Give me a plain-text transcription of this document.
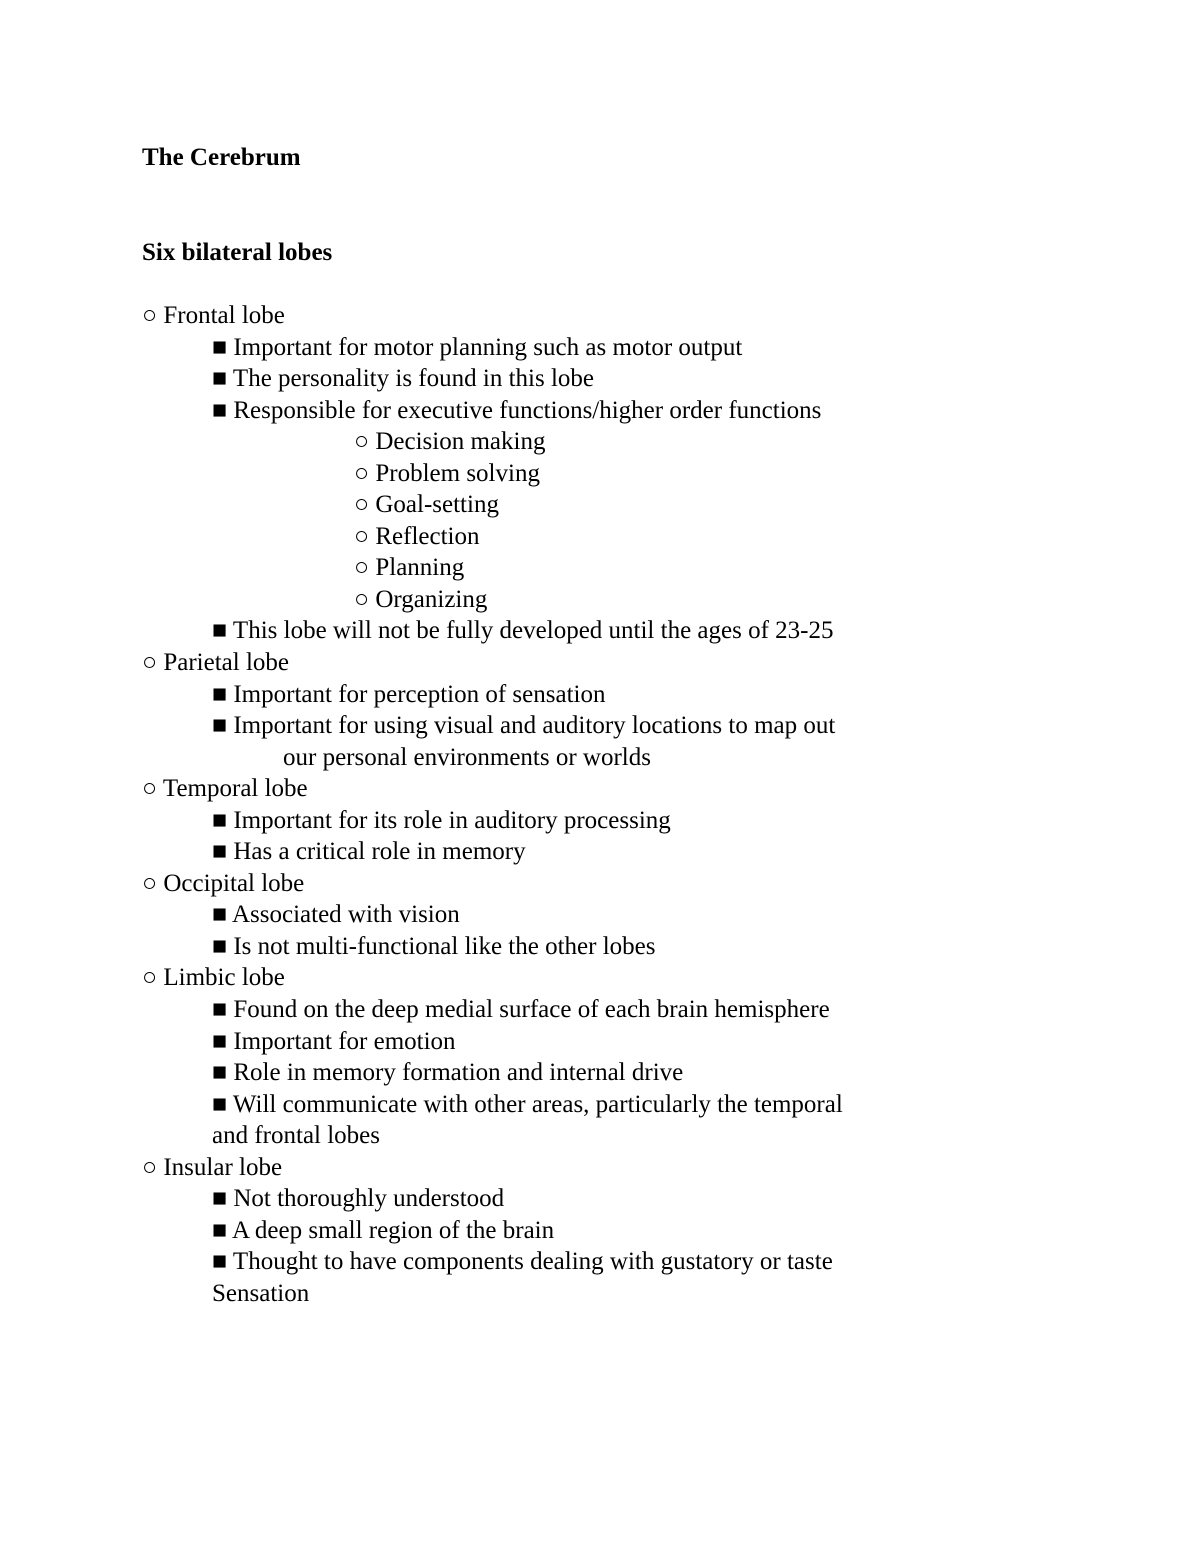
The Cerebrum
Six bilateral lobes
○ Frontal lobe
■ Important for motor planning such as motor output
■ The personality is found in this lobe
■ Responsible for executive functions/higher order functions
○ Decision making
○ Problem solving
○ Goal-setting
○ Reflection
○ Planning
○ Organizing
■ This lobe will not be fully developed until the ages of 23-25
○ Parietal lobe
■ Important for perception of sensation
■ Important for using visual and auditory locations to map out
our personal environments or worlds
○ Temporal lobe
■ Important for its role in auditory processing
■ Has a critical role in memory
○ Occipital lobe
■ Associated with vision
■ Is not multi-functional like the other lobes
○ Limbic lobe
■ Found on the deep medial surface of each brain hemisphere
■ Important for emotion
■ Role in memory formation and internal drive
■ Will communicate with other areas, particularly the temporal
and frontal lobes
○ Insular lobe
■ Not thoroughly understood
■ A deep small region of the brain
■ Thought to have components dealing with gustatory or taste
Sensation
